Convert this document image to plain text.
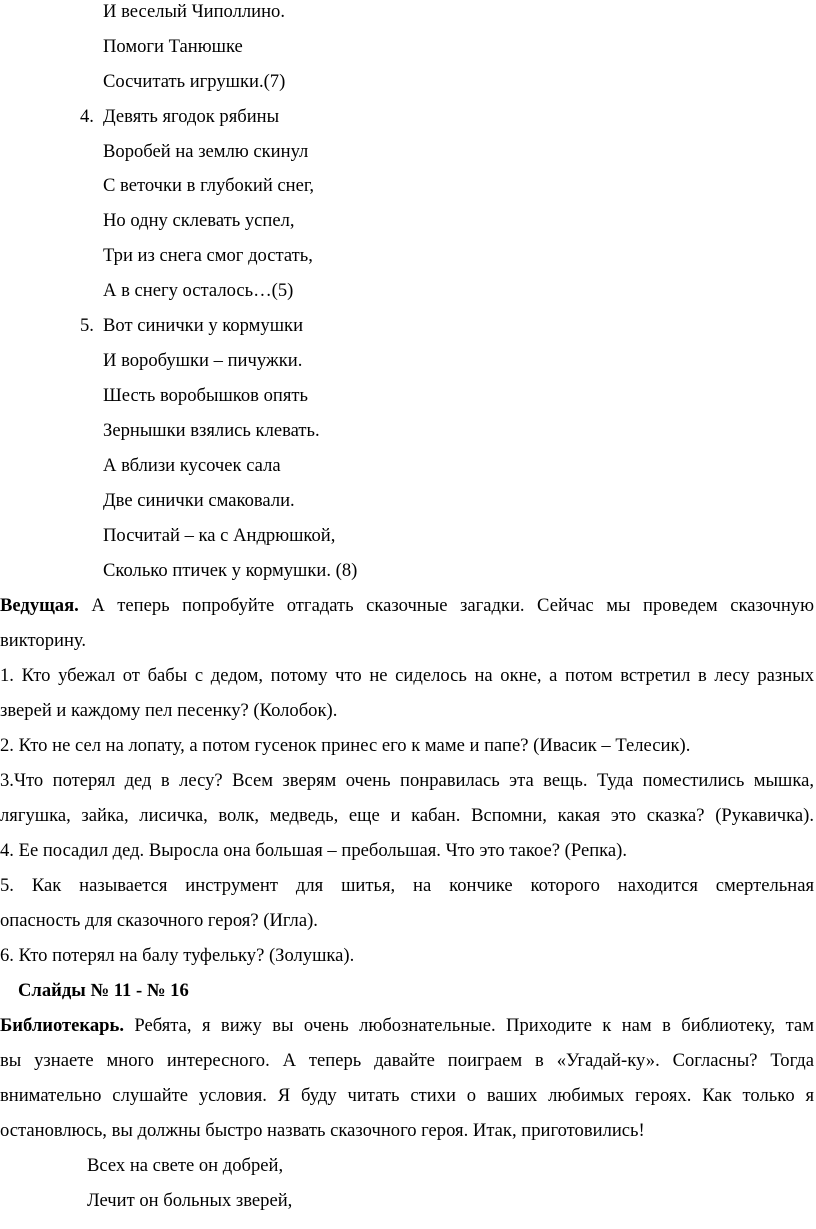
И веселый Чиполлино.
Помоги Танюшке
Сосчитать игрушки.(7)
4. Девять ягодок рябины
Воробей на землю скинул
С веточки в глубокий снег,
Но одну склевать успел,
Три из снега смог достать,
А в снегу осталось…(5)
5. Вот синички у кормушки
И воробушки – пичужки.
Шесть воробышков опять
Зернышки взялись клевать.
А вблизи кусочек сала
Две синички смаковали.
Посчитай – ка с Андрюшкой,
Сколько птичек у кормушки. (8)
Ведущая. А теперь попробуйте отгадать сказочные загадки. Сейчас мы проведем сказочную
викторину.
1. Кто убежал от бабы с дедом, потому что не сиделось на окне, а потом встретил в лесу разных
зверей и каждому пел песенку? (Колобок).
2. Кто не сел на лопату, а потом гусенок принес его к маме и папе? (Ивасик – Телесик).
3.Что потерял дед в лесу? Всем зверям очень понравилась эта вещь. Туда поместились мышка,
лягушка, зайка, лисичка, волк, медведь, еще и кабан. Вспомни, какая это сказка? (Рукавичка).
4. Ее посадил дед. Выросла она большая – пребольшая. Что это такое? (Репка).
5. Как называется инструмент для шитья, на кончике которого находится смертельная
опасность для сказочного героя? (Игла).
6. Кто потерял на балу туфельку? (Золушка).
Слайды № 11 - № 16
Библиотекарь. Ребята, я вижу вы очень любознательные. Приходите к нам в библиотеку, там
вы узнаете много интересного. А теперь давайте поиграем в «Угадай-ку». Согласны? Тогда
внимательно слушайте условия. Я буду читать стихи о ваших любимых героях. Как только я
остановлюсь, вы должны быстро назвать сказочного героя. Итак, приготовились!
Всех на свете он добрей,
Лечит он больных зверей,
